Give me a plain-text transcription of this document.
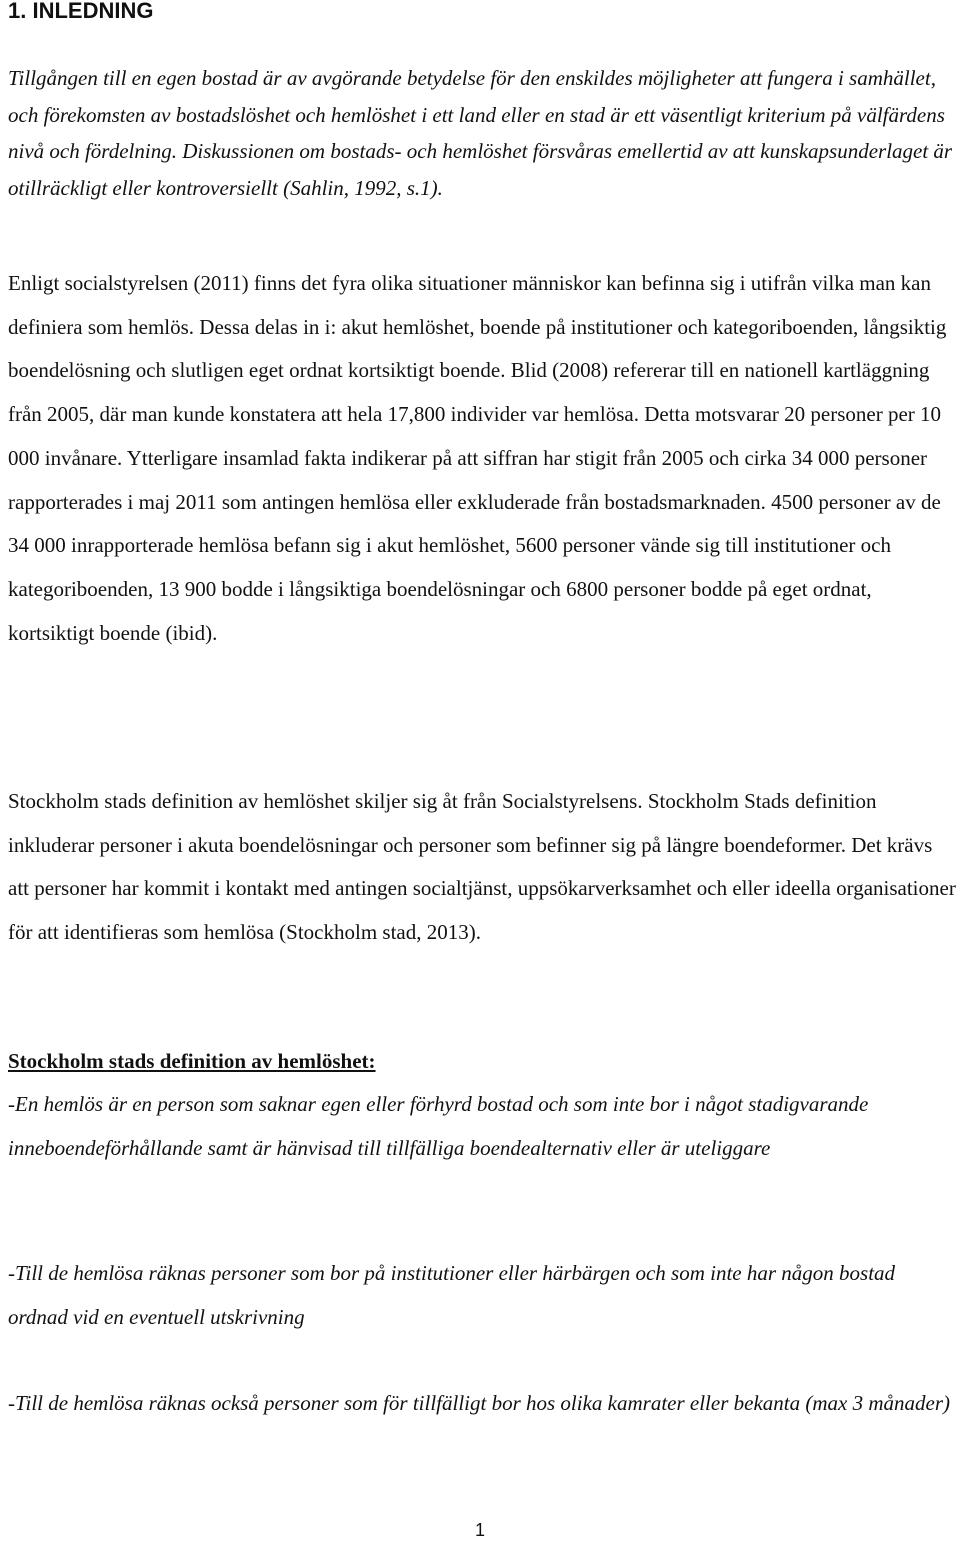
1. INLEDNING

Tillgången till en egen bostad är av avgörande betydelse för den enskildes möjligheter att fungera i samhället, och förekomsten av bostadslöshet och hemlöshet i ett land eller en stad är ett väsentligt kriterium på välfärdens nivå och fördelning. Diskussionen om bostads- och hemlöshet försvåras emellertid av att kunskapsunderlaget är otillräckligt eller kontroversiellt (Sahlin, 1992, s.1).

Enligt socialstyrelsen (2011) finns det fyra olika situationer människor kan befinna sig i utifrån vilka man kan definiera som hemlös. Dessa delas in i: akut hemlöshet, boende på institutioner och kategoriboenden, långsiktig boendelösning och slutligen eget ordnat kortsiktigt boende. Blid (2008) refererar till en nationell kartläggning från 2005, där man kunde konstatera att hela 17,800 individer var hemlösa. Detta motsvarar 20 personer per 10 000 invånare. Ytterligare insamlad fakta indikerar på att siffran har stigit från 2005 och cirka 34 000 personer rapporterades i maj 2011 som antingen hemlösa eller exkluderade från bostadsmarknaden. 4500 personer av de 34 000 inrapporterade hemlösa befann sig i akut hemlöshet, 5600 personer vände sig till institutioner och kategoriboenden, 13 900 bodde i långsiktiga boendelösningar och 6800 personer bodde på eget ordnat, kortsiktigt boende (ibid).

Stockholm stads definition av hemlöshet skiljer sig åt från Socialstyrelsens. Stockholm Stads definition inkluderar personer i akuta boendelösningar och personer som befinner sig på längre boendeformer. Det krävs att personer har kommit i kontakt med antingen socialtjänst, uppsökarverksamhet och eller ideella organisationer för att identifieras som hemlösa (Stockholm stad, 2013).

Stockholm stads definition av hemlöshet:

-En hemlös är en person som saknar egen eller förhyrd bostad och som inte bor i något stadigvarande inneboendeförhållande samt är hänvisad till tillfälliga boendealternativ eller är uteliggare

-Till de hemlösa räknas personer som bor på institutioner eller härbärgen och som inte har någon bostad ordnad vid en eventuell utskrivning

-Till de hemlösa räknas också personer som för tillfälligt bor hos olika kamrater eller bekanta (max 3 månader)

1
